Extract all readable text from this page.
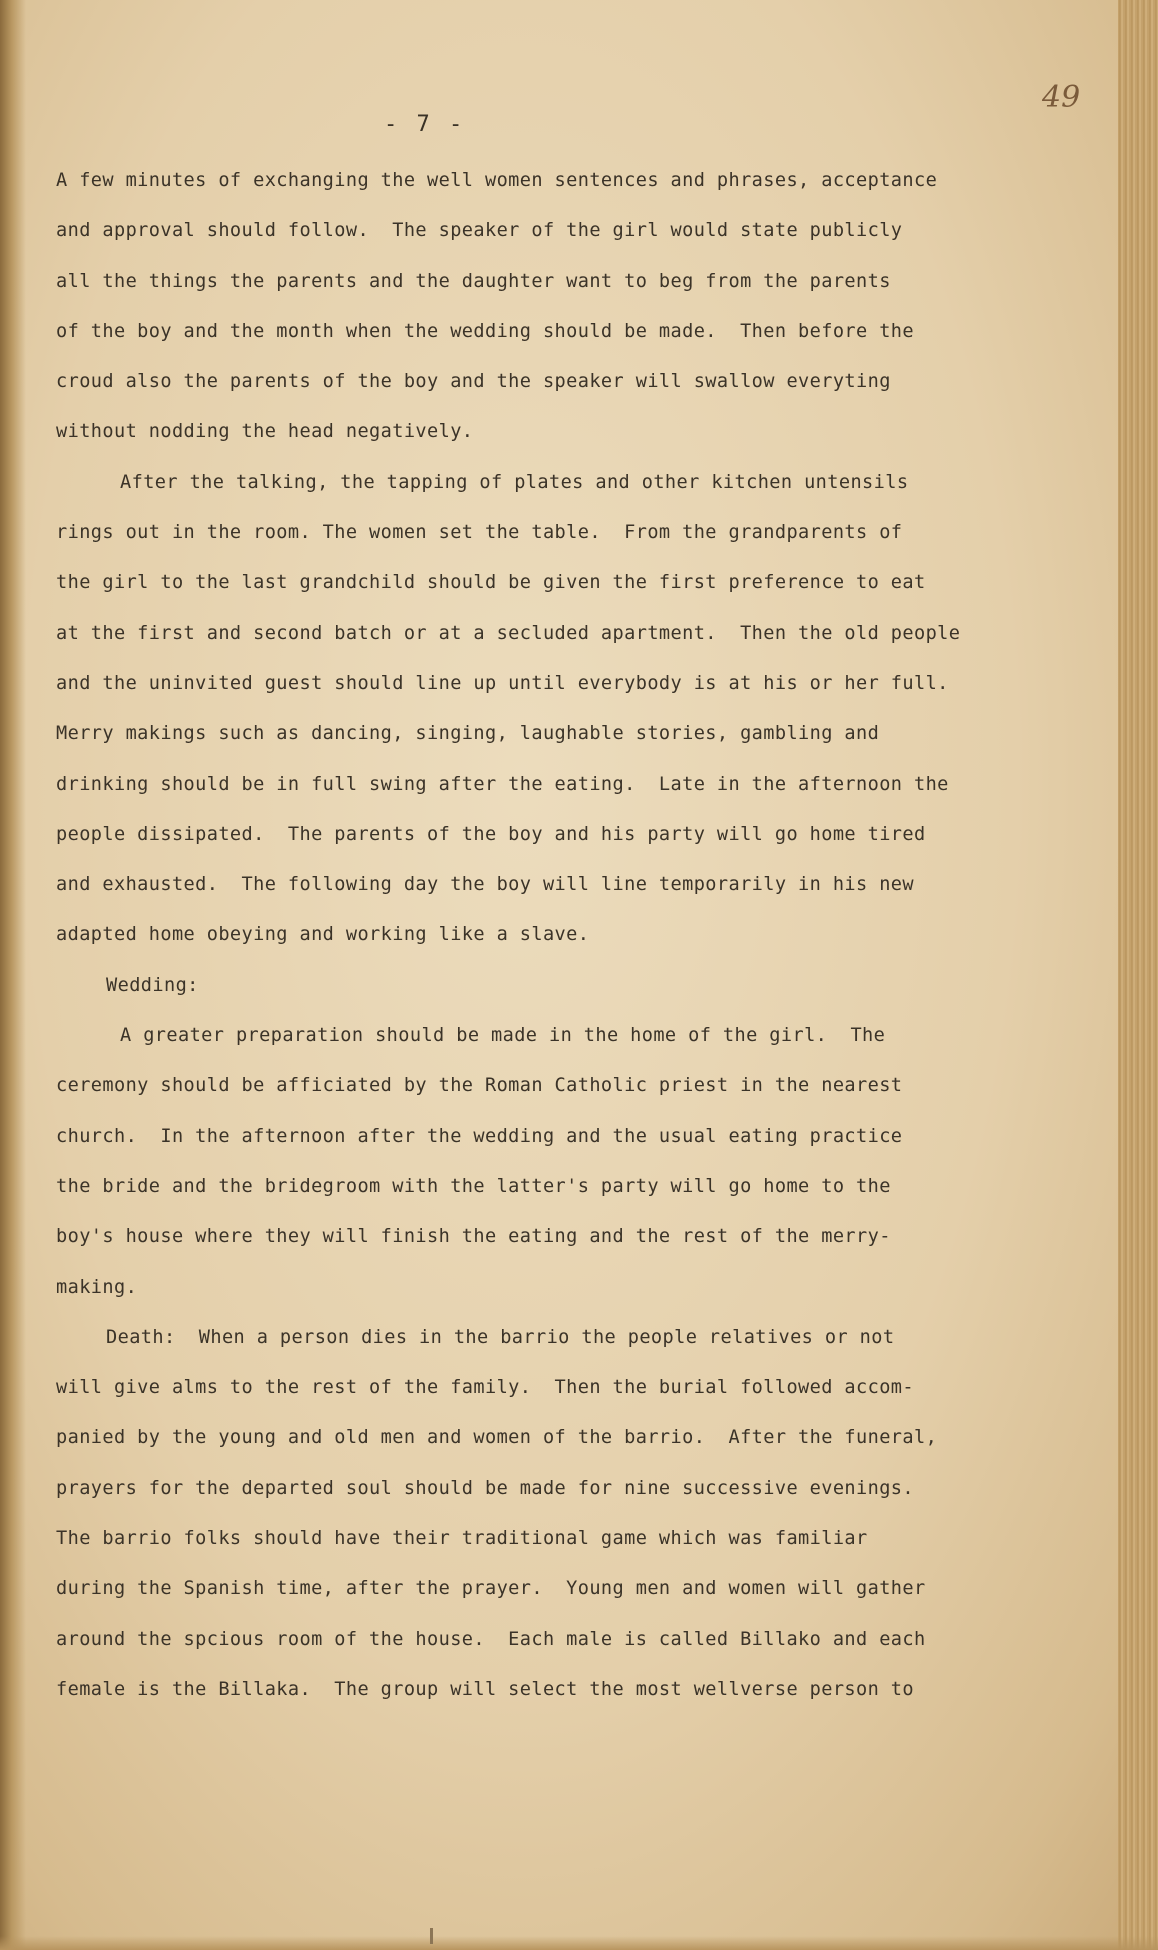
- 7 -
49
A few minutes of exchanging the well women sentences and phrases, acceptance
and approval should follow.  The speaker of the girl would state publicly
all the things the parents and the daughter want to beg from the parents
of the boy and the month when the wedding should be made.  Then before the
croud also the parents of the boy and the speaker will swallow everyting
without nodding the head negatively.
After the talking, the tapping of plates and other kitchen untensils
rings out in the room. The women set the table.  From the grandparents of
the girl to the last grandchild should be given the first preference to eat
at the first and second batch or at a secluded apartment.  Then the old people
and the uninvited guest should line up until everybody is at his or her full.
Merry makings such as dancing, singing, laughable stories, gambling and
drinking should be in full swing after the eating.  Late in the afternoon the
people dissipated.  The parents of the boy and his party will go home tired
and exhausted.  The following day the boy will line temporarily in his new
adapted home obeying and working like a slave.
Wedding:
A greater preparation should be made in the home of the girl.  The
ceremony should be afficiated by the Roman Catholic priest in the nearest
church.  In the afternoon after the wedding and the usual eating practice
the bride and the bridegroom with the latter's party will go home to the
boy's house where they will finish the eating and the rest of the merry-
making.
Death:  When a person dies in the barrio the people relatives or not
will give alms to the rest of the family.  Then the burial followed accom-
panied by the young and old men and women of the barrio.  After the funeral,
prayers for the departed soul should be made for nine successive evenings.
The barrio folks should have their traditional game which was familiar
during the Spanish time, after the prayer.  Young men and women will gather
around the spcious room of the house.  Each male is called Billako and each
female is the Billaka.  The group will select the most wellverse person to
